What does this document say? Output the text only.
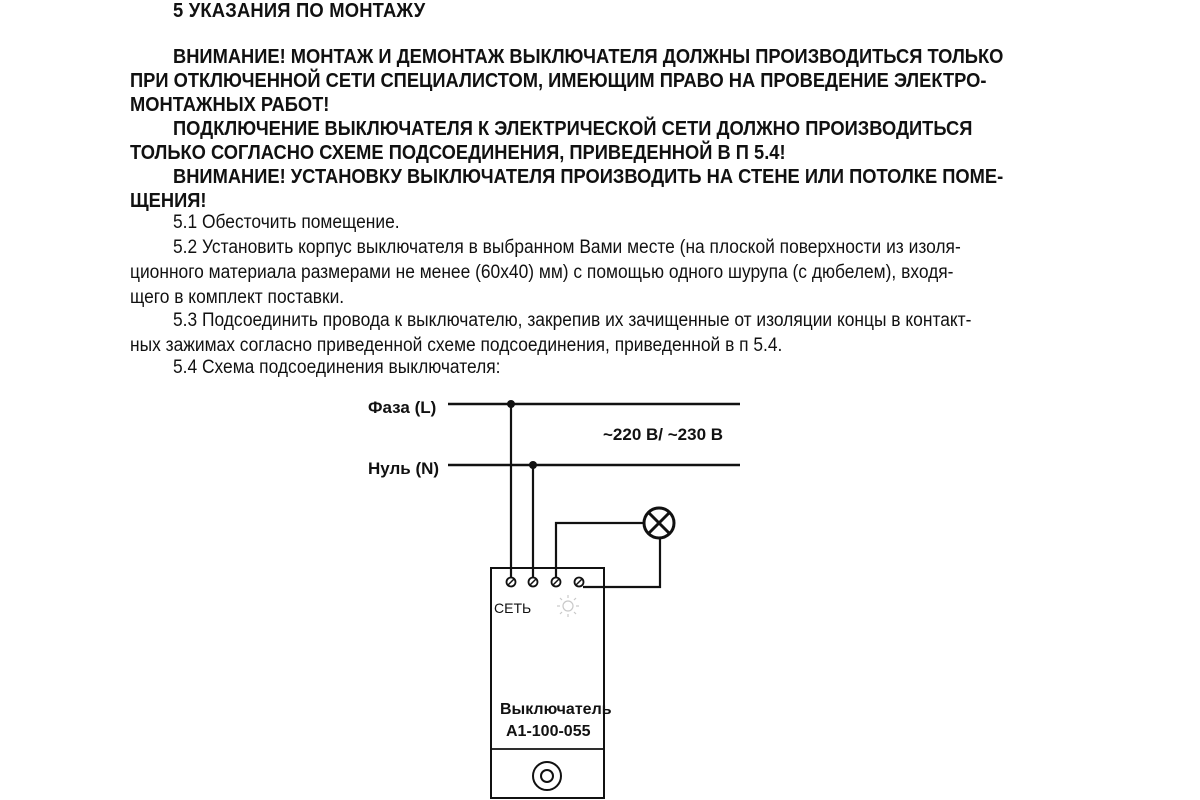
5 УКАЗАНИЯ ПО МОНТАЖУ

ВНИМАНИЕ! МОНТАЖ И ДЕМОНТАЖ ВЫКЛЮЧАТЕЛЯ ДОЛЖНЫ ПРОИЗВОДИТЬСЯ ТОЛЬКО
ПРИ ОТКЛЮЧЕННОЙ СЕТИ СПЕЦИАЛИСТОМ, ИМЕЮЩИМ ПРАВО НА ПРОВЕДЕНИЕ ЭЛЕКТРО-
МОНТАЖНЫХ РАБОТ!

ПОДКЛЮЧЕНИЕ ВЫКЛЮЧАТЕЛЯ К ЭЛЕКТРИЧЕСКОЙ СЕТИ ДОЛЖНО ПРОИЗВОДИТЬСЯ
ТОЛЬКО СОГЛАСНО СХЕМЕ ПОДСОЕДИНЕНИЯ, ПРИВЕДЕННОЙ В П 5.4!

ВНИМАНИЕ! УСТАНОВКУ ВЫКЛЮЧАТЕЛЯ ПРОИЗВОДИТЬ НА СТЕНЕ ИЛИ ПОТОЛКЕ ПОМЕ-
ЩЕНИЯ!

5.1 Обесточить помещение.

5.2 Установить корпус выключателя в выбранном Вами месте (на плоской поверхности из изоля-
ционного материала размерами не менее (60х40) мм) с помощью одного шурупа (с дюбелем), входя-
щего в комплект поставки.

5.3 Подсоединить провода к выключателю, закрепив их зачищенные от изоляции концы в контакт-
ных зажимах согласно приведенной схеме подсоединения, приведенной в п 5.4.

5.4 Схема подсоединения выключателя:

Фаза (L)
Нуль (N)
~220 В/ ~230 В
СЕТЬ
Выключатель
А1-100-055
